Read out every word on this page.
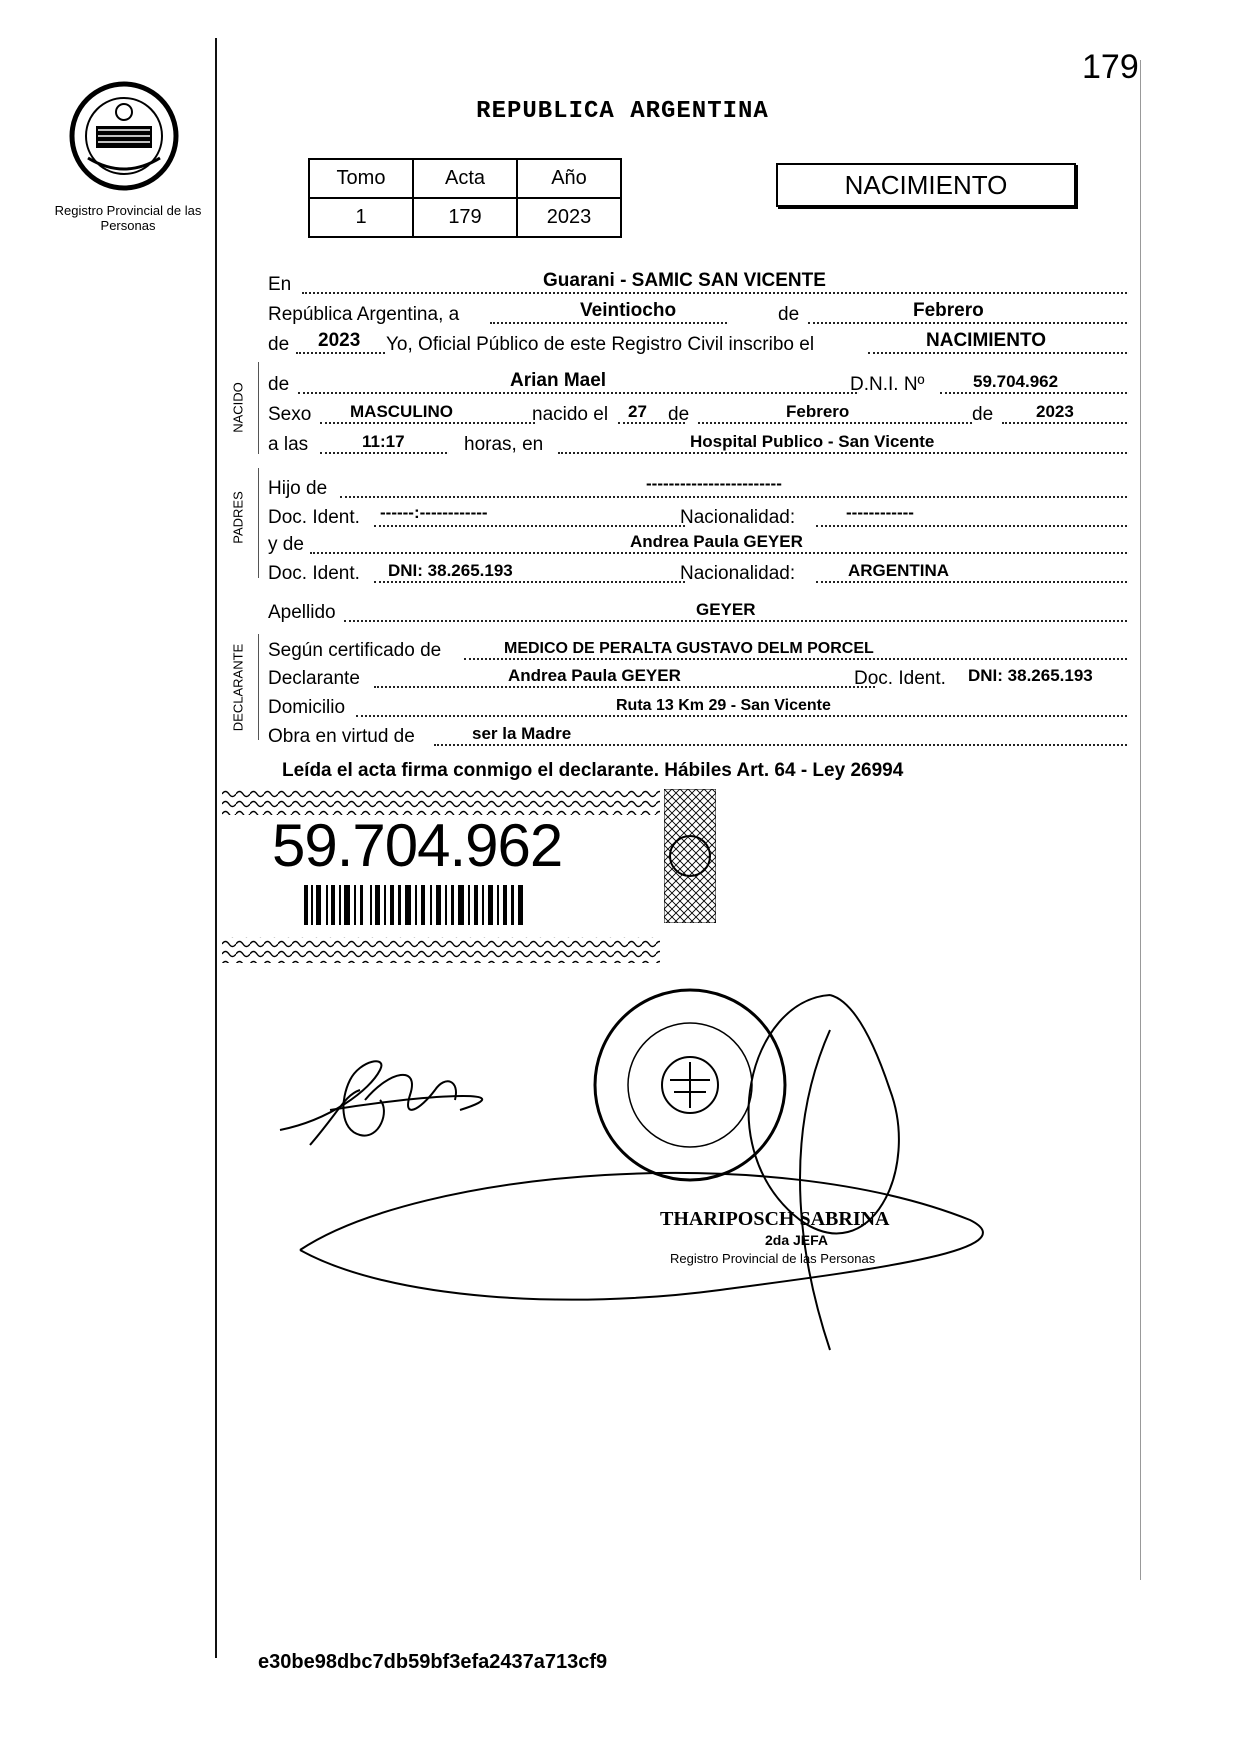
179
Registro Provincial de las Personas
REPUBLICA ARGENTINA
Tomo	Acta	Año
1	179	2023
NACIMIENTO
NACIDO
PADRES
DECLARANTE
En	Guarani - SAMIC SAN VICENTE
República Argentina, a	Veintiocho	de	Febrero
de 2023 Yo, Oficial Público de este Registro Civil inscribo el	NACIMIENTO
de	Arian Mael	D.N.I. Nº	59.704.962
Sexo MASCULINO	nacido el 27 de	Febrero	de	2023
a las	11:17	horas, en	Hospital Publico - San Vicente
Hijo de	------------------------
Doc. Ident. ------:------------	Nacionalidad:	------------
y de	Andrea Paula GEYER
Doc. Ident. DNI: 38.265.193	Nacionalidad:	ARGENTINA
Apellido	GEYER
Según certificado de	MEDICO DE PERALTA GUSTAVO DELM PORCEL
Declarante	Andrea Paula GEYER	Doc. Ident. DNI: 38.265.193
Domicilio	Ruta 13 Km 29 - San Vicente
Obra en virtud de	ser la Madre
Leída el acta firma conmigo el declarante. Hábiles Art. 64 - Ley 26994
59.704.962
THARIPOSCH SABRINA
2da JEFA
Registro Provincial de las Personas
e30be98dbc7db59bf3efa2437a713cf9
